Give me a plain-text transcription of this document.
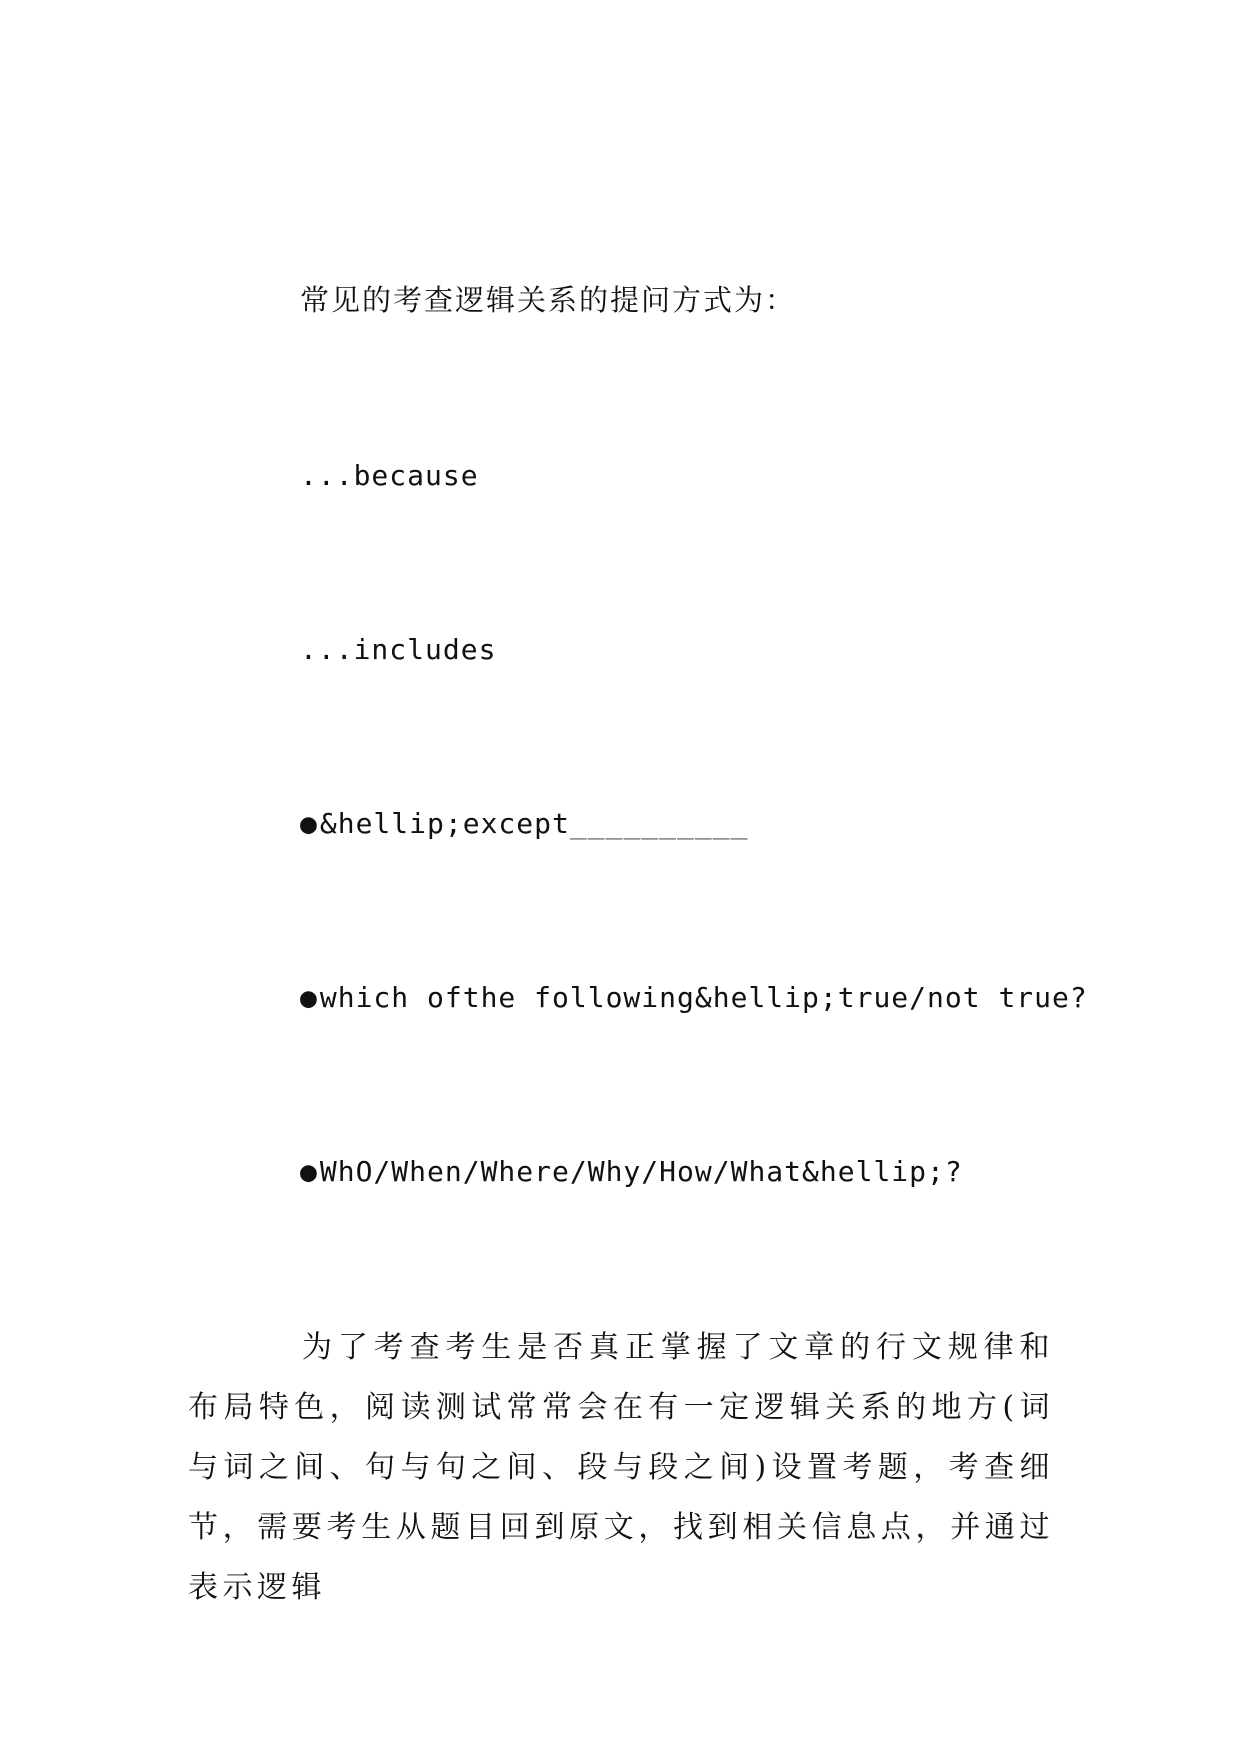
常见的考查逻辑关系的提问方式为：
...because
...includes
●&hellip;except__________
●which ofthe following&hellip;true/not true?
●WhO/When/Where/Why/How/What&hellip;?

为了考查考生是否真正掌握了文章的行文规律和布局特色，阅读测试常常会在有一定逻辑关系的地方(词与词之间、句与句之间、段与段之间)设置考题，考查细节，需要考生从题目回到原文，找到相关信息点，并通过表示逻辑
